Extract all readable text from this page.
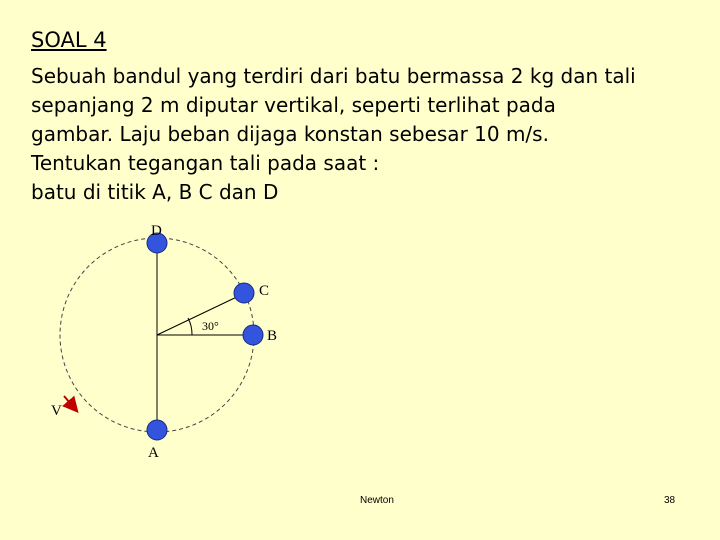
SOAL 4
Sebuah bandul yang terdiri dari batu bermassa 2 kg dan tali
sepanjang 2 m diputar vertikal, seperti terlihat pada
gambar. Laju beban dijaga konstan sebesar 10 m/s.
Tentukan tegangan tali pada saat :
batu di titik A, B C dan D
30°
D
C
B
A
V
Newton	38
